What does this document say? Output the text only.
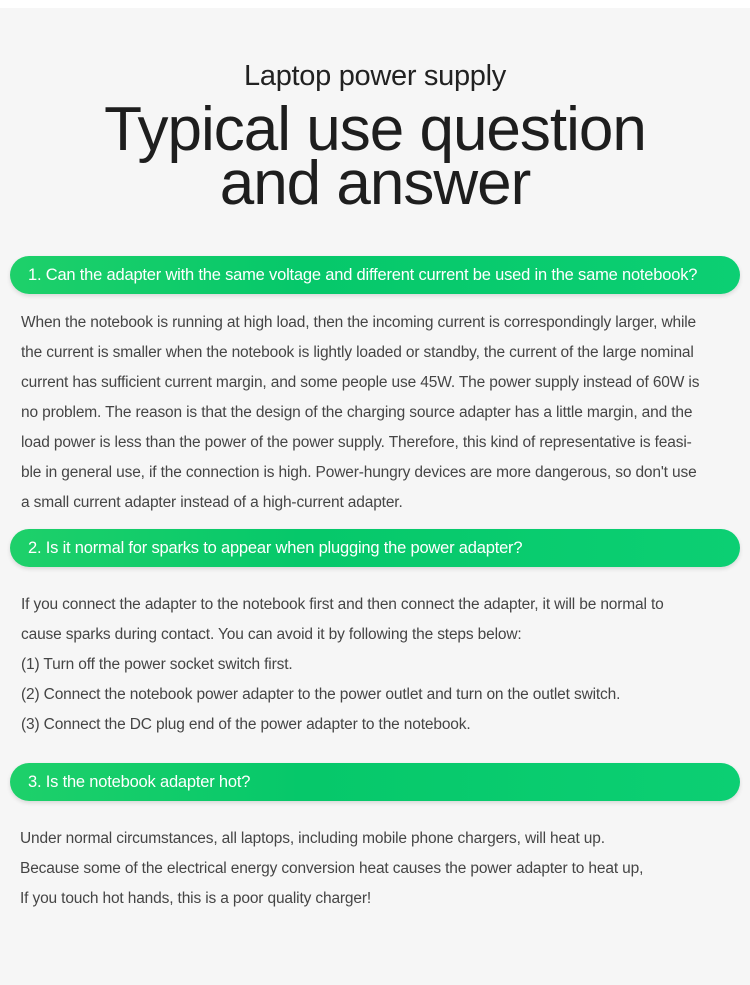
Laptop power supply
Typical use question
and answer
1. Can the adapter with the same voltage and different current be used in the same notebook?

When the notebook is running at high load, then the incoming current is correspondingly larger, while

the current is smaller when the notebook is lightly loaded or standby, the current of the large nominal

current has sufficient current margin, and some people use 45W. The power supply instead of 60W is

no problem. The reason is that the design of the charging source adapter has a little margin, and the

load power is less than the power of the power supply. Therefore, this kind of representative is feasi-

ble in general use, if the connection is high. Power-hungry devices are more dangerous, so don't use

a small current adapter instead of a high-current adapter.

2. Is it normal for sparks to appear when plugging the power adapter?

If you connect the adapter to the notebook first and then connect the adapter, it will be normal to

cause sparks during contact. You can avoid it by following the steps below:

(1) Turn off the power socket switch first.

(2) Connect the notebook power adapter to the power outlet and turn on the outlet switch.

(3) Connect the DC plug end of the power adapter to the notebook.

3. Is the notebook adapter hot?

Under normal circumstances, all laptops, including mobile phone chargers, will heat up.

Because some of the electrical energy conversion heat causes the power adapter to heat up,

If you touch hot hands, this is a poor quality charger!
